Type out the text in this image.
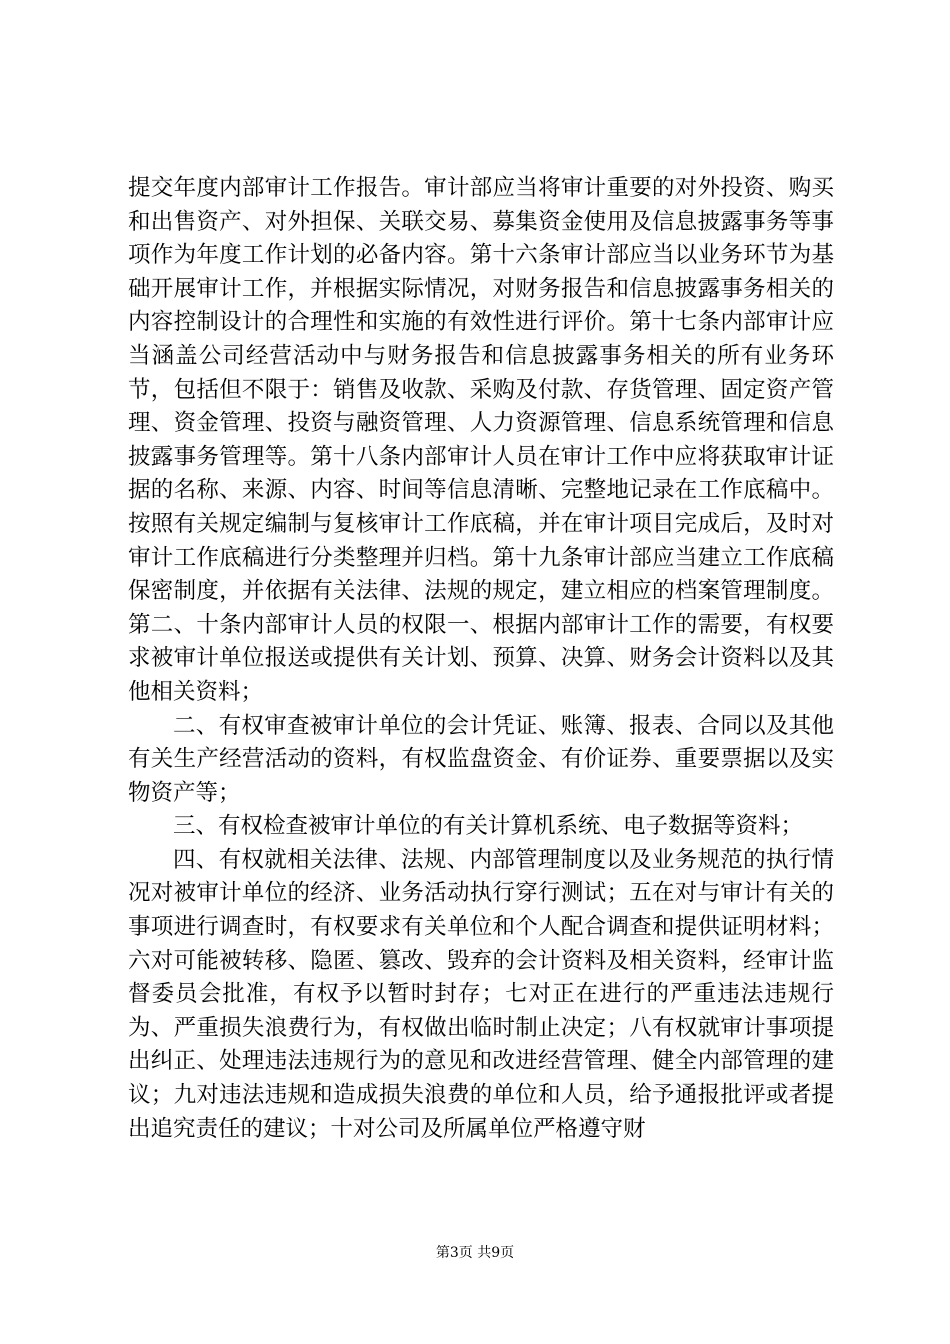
提交年度内部审计工作报告。审计部应当将审计重要的对外投资、购买和出售资产、对外担保、关联交易、募集资金使用及信息披露事务等事项作为年度工作计划的必备内容。第十六条审计部应当以业务环节为基础开展审计工作，并根据实际情况，对财务报告和信息披露事务相关的内容控制设计的合理性和实施的有效性进行评价。第十七条内部审计应当涵盖公司经营活动中与财务报告和信息披露事务相关的所有业务环节，包括但不限于：销售及收款、采购及付款、存货管理、固定资产管理、资金管理、投资与融资管理、人力资源管理、信息系统管理和信息披露事务管理等。第十八条内部审计人员在审计工作中应将获取审计证据的名称、来源、内容、时间等信息清晰、完整地记录在工作底稿中。按照有关规定编制与复核审计工作底稿，并在审计项目完成后，及时对审计工作底稿进行分类整理并归档。第十九条审计部应当建立工作底稿保密制度，并依据有关法律、法规的规定，建立相应的档案管理制度。第二、十条内部审计人员的权限一、根据内部审计工作的需要，有权要求被审计单位报送或提供有关计划、预算、决算、财务会计资料以及其他相关资料；

二、有权审查被审计单位的会计凭证、账簿、报表、合同以及其他有关生产经营活动的资料，有权监盘资金、有价证券、重要票据以及实物资产等；

三、有权检查被审计单位的有关计算机系统、电子数据等资料；

四、有权就相关法律、法规、内部管理制度以及业务规范的执行情况对被审计单位的经济、业务活动执行穿行测试；五在对与审计有关的事项进行调查时，有权要求有关单位和个人配合调查和提供证明材料；六对可能被转移、隐匿、篡改、毁弃的会计资料及相关资料，经审计监督委员会批准，有权予以暂时封存；七对正在进行的严重违法违规行为、严重损失浪费行为，有权做出临时制止决定；八有权就审计事项提出纠正、处理违法违规行为的意见和改进经营管理、健全内部管理的建议；九对违法违规和造成损失浪费的单位和人员，给予通报批评或者提出追究责任的建议；十对公司及所属单位严格遵守财

第3页 共9页
